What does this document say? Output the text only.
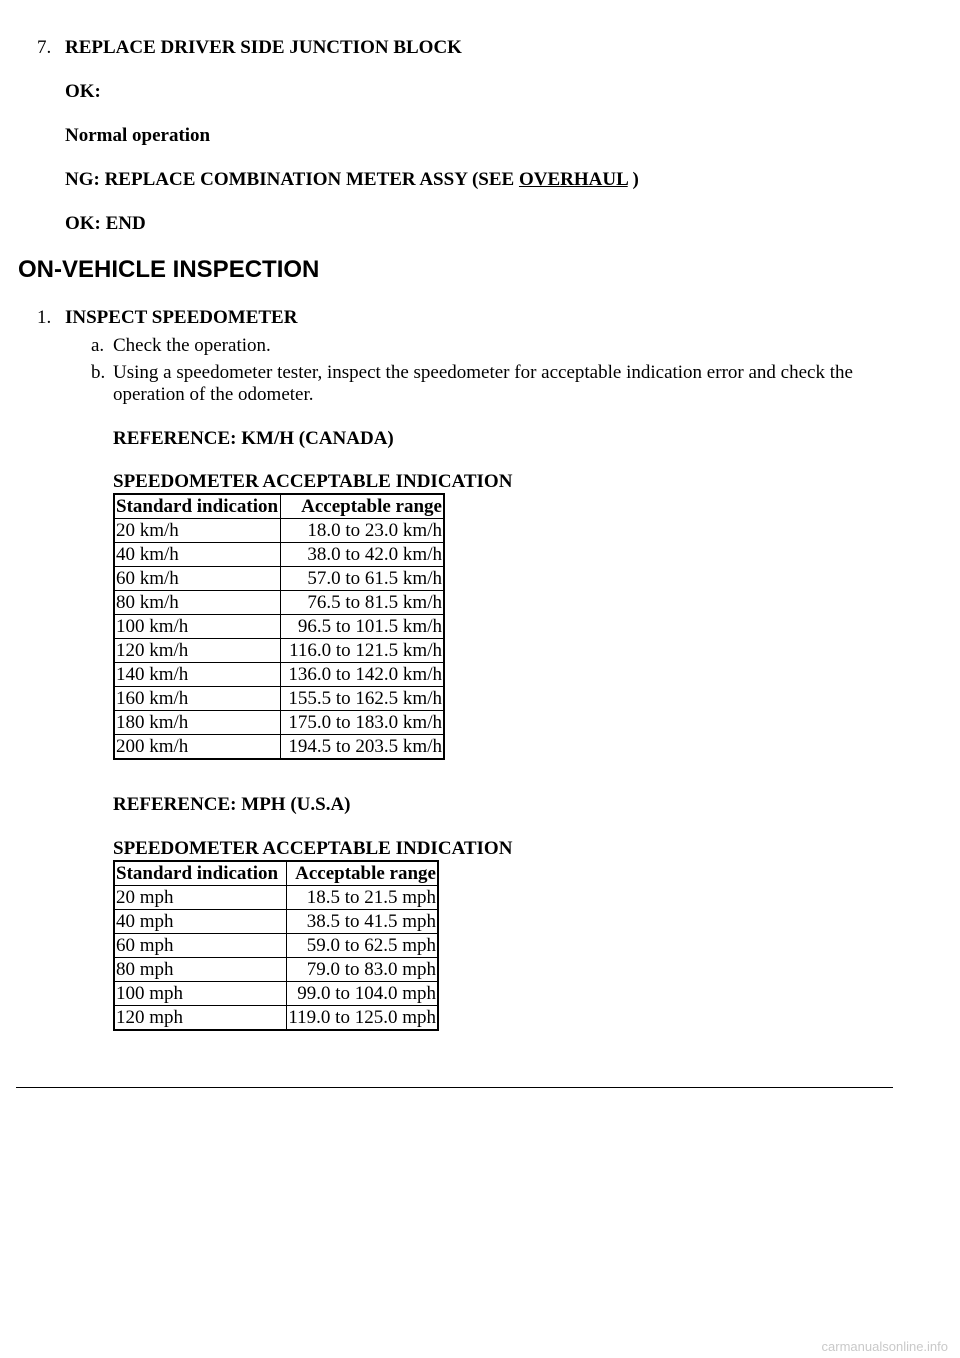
7. REPLACE DRIVER SIDE JUNCTION BLOCK
OK:
Normal operation
NG: REPLACE COMBINATION METER ASSY (SEE OVERHAUL )
OK: END
ON-VEHICLE INSPECTION
1. INSPECT SPEEDOMETER
a. Check the operation.
b. Using a speedometer tester, inspect the speedometer for acceptable indication error and check the
operation of the odometer.
REFERENCE: KM/H (CANADA)
SPEEDOMETER ACCEPTABLE INDICATION
Standard indication	Acceptable range
20 km/h	18.0 to 23.0 km/h
40 km/h	38.0 to 42.0 km/h
60 km/h	57.0 to 61.5 km/h
80 km/h	76.5 to 81.5 km/h
100 km/h	96.5 to 101.5 km/h
120 km/h	116.0 to 121.5 km/h
140 km/h	136.0 to 142.0 km/h
160 km/h	155.5 to 162.5 km/h
180 km/h	175.0 to 183.0 km/h
200 km/h	194.5 to 203.5 km/h
REFERENCE: MPH (U.S.A)
SPEEDOMETER ACCEPTABLE INDICATION
Standard indication	Acceptable range
20 mph	18.5 to 21.5 mph
40 mph	38.5 to 41.5 mph
60 mph	59.0 to 62.5 mph
80 mph	79.0 to 83.0 mph
100 mph	99.0 to 104.0 mph
120 mph	119.0 to 125.0 mph
carmanualsonline.info
